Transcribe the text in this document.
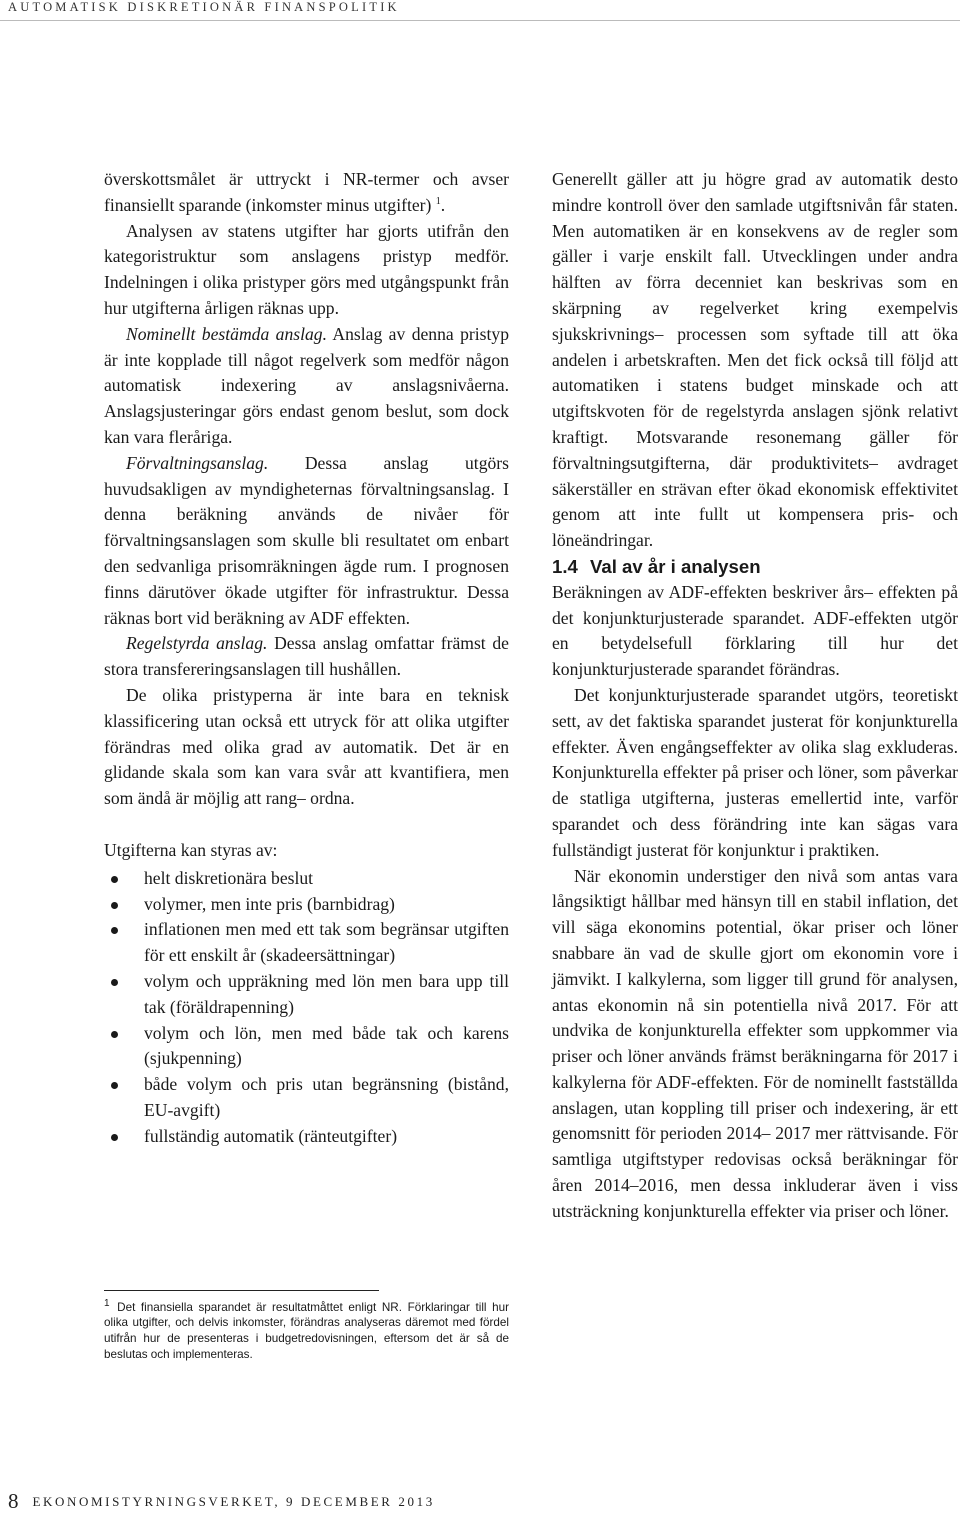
AUTOMATISK DISKRETIONÄR FINANSPOLITIK

överskottsmålet är uttryckt i NR-termer och avser finansiellt sparande (inkomster minus utgifter) $^1$.

Analysen av statens utgifter har gjorts utifrån den kategoristruktur som anslagens pristyp medför. Indelningen i olika pristyper görs med utgångspunkt från hur utgifterna årligen räknas upp.

Nominellt bestämda anslag. Anslag av denna pristyp är inte kopplade till något regelverk som medför någon automatisk indexering av anslagsnivåerna. Anslagsjusteringar görs endast genom beslut, som dock kan vara fleråriga.

Förvaltningsanslag. Dessa anslag utgörs huvudsakligen av myndigheternas förvaltningsanslag. I denna beräkning används de nivåer för förvaltningsanslagen som skulle bli resultatet om enbart den sedvanliga prisomräkningen ägde rum. I prognosen finns därutöver ökade utgifter för infrastruktur. Dessa räknas bort vid beräkning av ADF effekten.

Regelstyrda anslag. Dessa anslag omfattar främst de stora transfereringsanslagen till hushållen.

De olika pristyperna är inte bara en teknisk klassificering utan också ett utryck för att olika utgifter förändras med olika grad av automatik. Det är en glidande skala som kan vara svår att kvantifiera, men som ändå är möjlig att rang– ordna.

Utgifterna kan styras av:

helt diskretionära beslut
volymer, men inte pris (barnbidrag)
inflationen men med ett tak som begränsar utgiften för ett enskilt år (skadeersättningar)
volym och uppräkning med lön men bara upp till tak (föräldrapenning)
volym och lön, men med både tak och karens (sjukpenning)
både volym och pris utan begränsning (bistånd, EU-avgift)
fullständig automatik (ränteutgifter)
1 Det finansiella sparandet är resultatmåttet enligt NR. Förklaringar till hur olika utgifter, och delvis inkomster, förändras analyseras däremot med fördel utifrån hur de presenteras i budgetredovisningen, eftersom det är så de beslutas och implementeras.

Generellt gäller att ju högre grad av automatik desto mindre kontroll över den samlade utgiftsnivån får staten. Men automatiken är en konsekvens av de regler som gäller i varje enskilt fall. Utvecklingen under andra hälften av förra decenniet kan beskrivas som en skärpning av regelverket kring exempelvis sjukskrivnings– processen som syftade till att öka andelen i arbetskraften. Men det fick också till följd att automatiken i statens budget minskade och att utgiftskvoten för de regelstyrda anslagen sjönk relativt kraftigt. Motsvarande resonemang gäller för förvaltningsutgifterna, där produktivitets– avdraget säkerställer en strävan efter ökad ekonomisk effektivitet genom att inte fullt ut kompensera pris- och löneändringar.

1.4 Val av år i analysen

Beräkningen av ADF-effekten beskriver års– effekten på det konjunkturjusterade sparandet. ADF-effekten utgör en betydelsefull förklaring till hur det konjunkturjusterade sparandet förändras.

Det konjunkturjusterade sparandet utgörs, teoretiskt sett, av det faktiska sparandet justerat för konjunkturella effekter. Även engångseffekter av olika slag exkluderas. Konjunkturella effekter på priser och löner, som påverkar de statliga utgifterna, justeras emellertid inte, varför sparandet och dess förändring inte kan sägas vara fullständigt justerat för konjunktur i praktiken.

När ekonomin understiger den nivå som antas vara långsiktigt hållbar med hänsyn till en stabil inflation, det vill säga ekonomins potential, ökar priser och löner snabbare än vad de skulle gjort om ekonomin vore i jämvikt. I kalkylerna, som ligger till grund för analysen, antas ekonomin nå sin potentiella nivå 2017. För att undvika de konjunkturella effekter som uppkommer via priser och löner används främst beräkningarna för 2017 i kalkylerna för ADF-effekten. För de nominellt fastställda anslagen, utan koppling till priser och indexering, är ett genomsnitt för perioden 2014– 2017 mer rättvisande. För samtliga utgiftstyper redovisas också beräkningar för åren 2014–2016, men dessa inkluderar även i viss utsträckning konjunkturella effekter via priser och löner.

8 EKONOMISTYRNINGSVERKET, 9 DECEMBER 2013
